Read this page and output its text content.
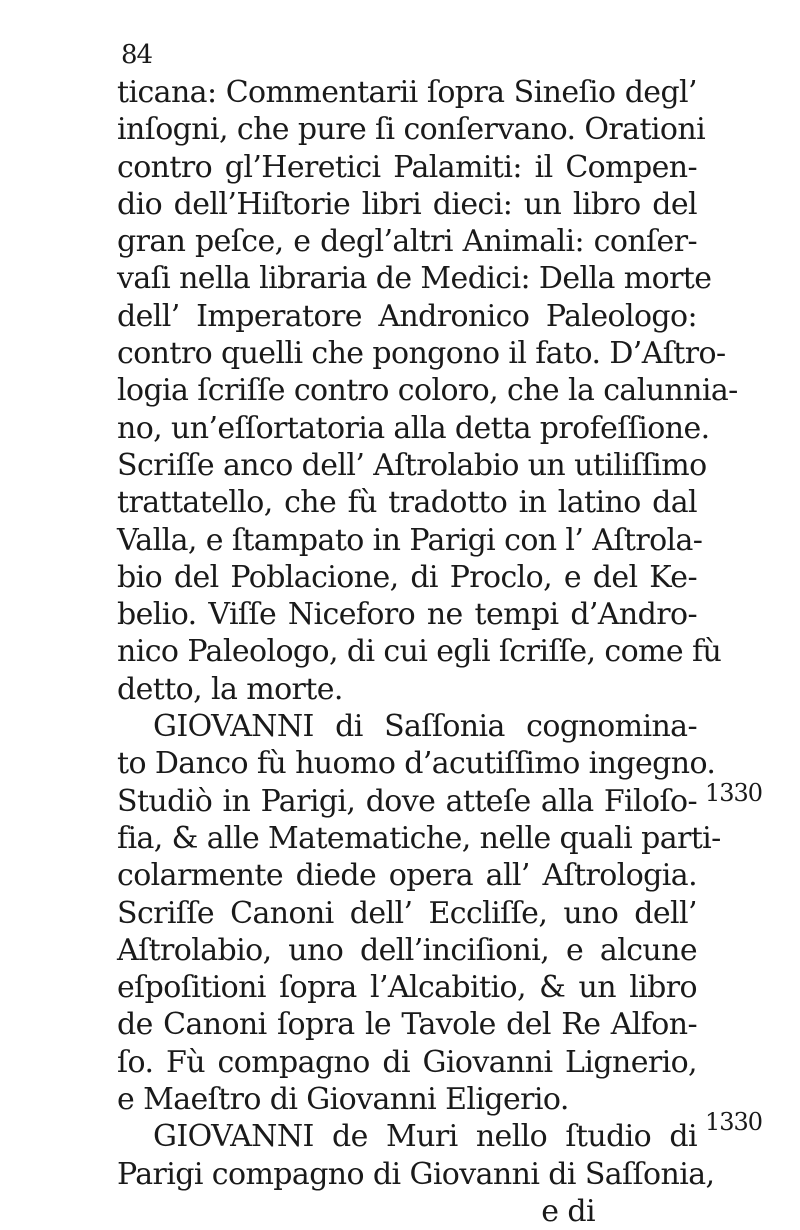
84
ticana: Commentarii ſopra Sineſio degl’
inſogni, che pure ſi conſervano. Orationi
contro gl’Heretici Palamiti: il Compen-
dio dell’Hiſtorie libri dieci: un libro del
gran peſce, e degl’altri Animali: conſer-
vaſi nella libraria de Medici: Della morte
dell’ Imperatore Andronico Paleologo:
contro quelli che pongono il fato. D’Aſtro-
logia ſcriſſe contro coloro, che la calunnia-
no, un’eſſortatoria alla detta profeſſione.
Scriſſe anco dell’ Aſtrolabio un utiliſſimo
trattatello, che fù tradotto in latino dal
Valla, e ſtampato in Parigi con l’ Aſtrola-
bio del Poblacione, di Proclo, e del Ke-
belio. Viſſe Niceforo ne tempi d’Andro-
nico Paleologo, di cui egli ſcriſſe, come fù
detto, la morte.
GIOVANNI di Saſſonia cognomina-
to Danco fù huomo d’acutiſſimo ingegno.
Studiò in Parigi, dove atteſe alla Filoſo-
fia, & alle Matematiche, nelle quali parti-
colarmente diede opera all’ Aſtrologia.
Scriſſe Canoni dell’ Eccliſſe, uno dell’
Aſtrolabio, uno dell’inciſioni, e alcune
eſpoſitioni ſopra l’Alcabitio, & un libro
de Canoni ſopra le Tavole del Re Alfon-
ſo. Fù compagno di Giovanni Lignerio,
e Maeſtro di Giovanni Eligerio.
GIOVANNI de Muri nello ſtudio di
Parigi compagno di Giovanni di Saſſonia,
e di
1330
1330
